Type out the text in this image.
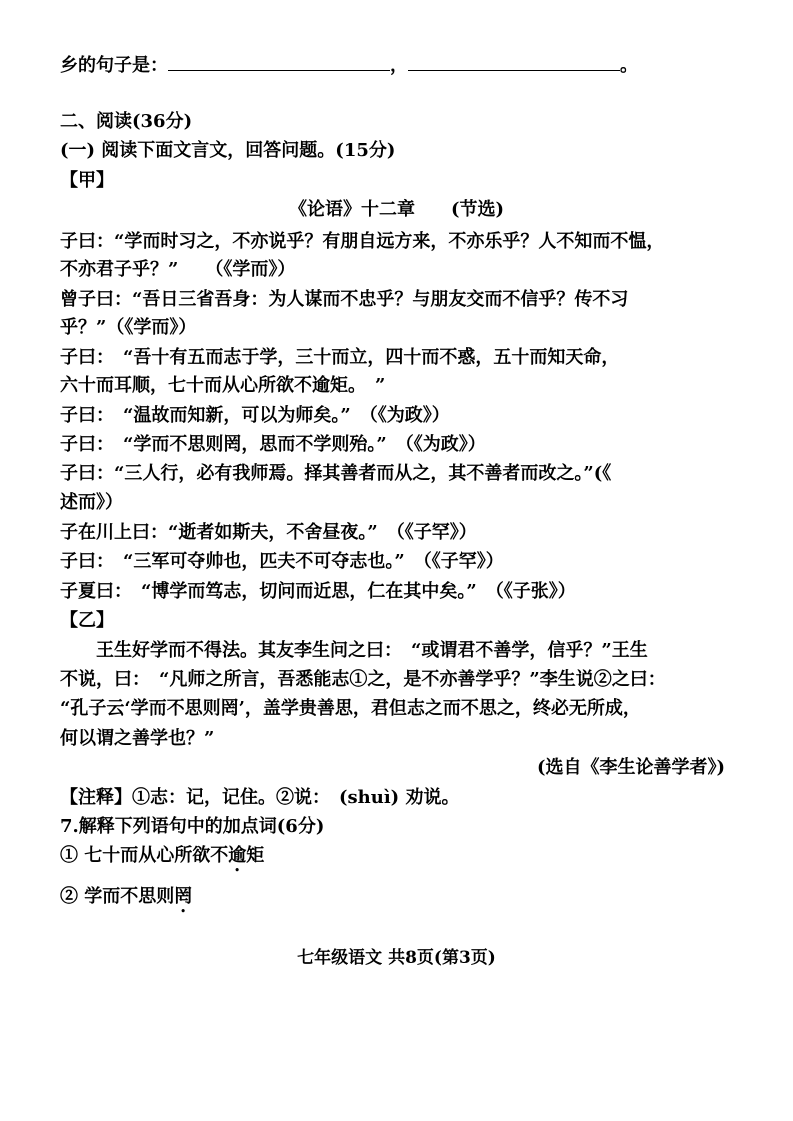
乡的句子是：	，	。
二、阅读(36分)
(一) 阅读下面文言文，回答问题。(15分)
【甲】
《论语》十二章　　(节选)
子曰：“学而时习之，不亦说乎？有朋自远方来，不亦乐乎？人不知而不愠，
不亦君子乎？”　　（《学而》）
曾子曰：“吾日三省吾身：为人谋而不忠乎？与朋友交而不信乎？传不习
乎？”（《学而》）
子曰：　“吾十有五而志于学，三十而立，四十而不惑，五十而知天命，
六十而耳顺，七十而从心所欲不逾矩。　”
子曰：　“温故而知新，可以为师矣。”　（《为政》）
子曰：　“学而不思则罔，思而不学则殆。”　（《为政》）
子曰：“三人行，必有我师焉。择其善者而从之，其不善者而改之。”(《
述而》）
子在川上曰：“逝者如斯夫，不舍昼夜。”　（《子罕》）
子曰：　“三军可夺帅也，匹夫不可夺志也。”　（《子罕》）
子夏曰：　“博学而笃志，切问而近思，仁在其中矣。”　（《子张》）
【乙】
　　王生好学而不得法。其友李生问之曰：　“或谓君不善学，信乎？”王生
不说，曰：　“凡师之所言，吾悉能志①之，是不亦善学乎？”李生说②之曰：
“孔子云‘学而不思则罔’，盖学贵善思，君但志之而不思之，终必无所成，
何以谓之善学也？”
(选自《李生论善学者》)
【注释】①志：记，记住。②说：　(shuì) 劝说。
7.解释下列语句中的加点词(6分)
① 七十而从心所欲不逾矩
② 学而不思则罔
七年级语文 共8页(第3页)
